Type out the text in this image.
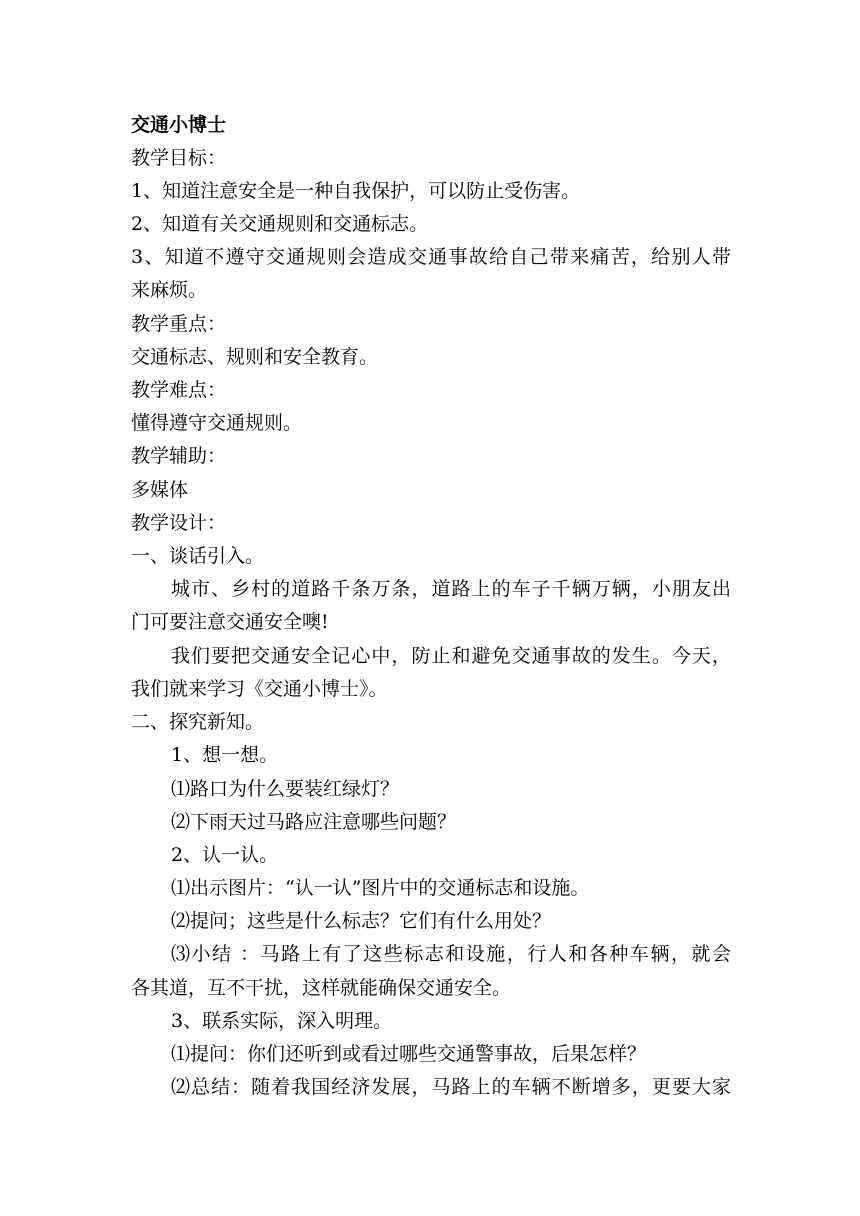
交通小博士
教学目标：
1、知道注意安全是一种自我保护，可以防止受伤害。
2、知道有关交通规则和交通标志。
3、知道不遵守交通规则会造成交通事故给自己带来痛苦，给别人带
来麻烦。
教学重点：
交通标志、规则和安全教育。
教学难点：
懂得遵守交通规则。
教学辅助：
多媒体
教学设计：
一、谈话引入。
城市、乡村的道路千条万条，道路上的车子千辆万辆，小朋友出
门可要注意交通安全噢!
我们要把交通安全记心中，防止和避免交通事故的发生。今天，
我们就来学习《交通小博士》。
二、探究新知。
1、想一想。
⑴路口为什么要装红绿灯？
⑵下雨天过马路应注意哪些问题？
2、认一认。
⑴出示图片：“认一认”图片中的交通标志和设施。
⑵提问；这些是什么标志？它们有什么用处？
⑶小结 ：马路上有了这些标志和设施，行人和各种车辆，就会
各其道，互不干扰，这样就能确保交通安全。
3、联系实际，深入明理。
⑴提问：你们还听到或看过哪些交通警事故，后果怎样？
⑵总结：随着我国经济发展，马路上的车辆不断增多，更要大家
